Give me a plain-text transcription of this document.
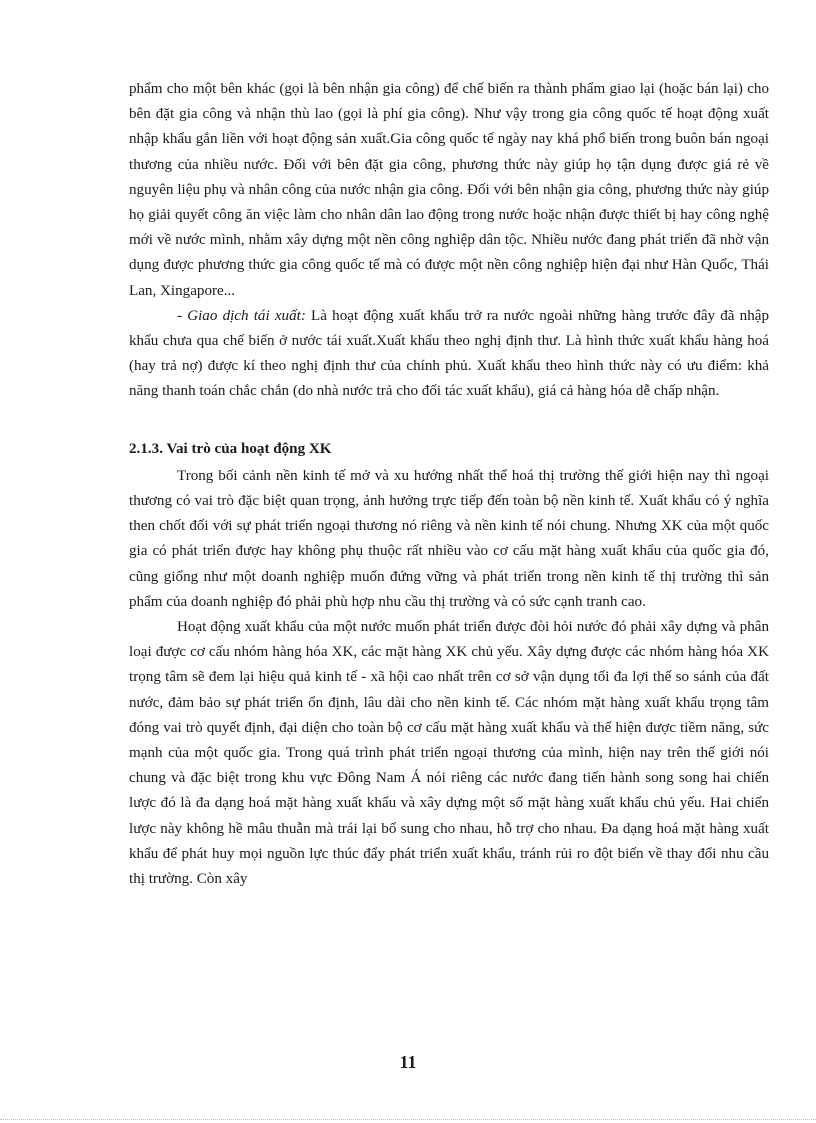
phẩm cho một bên khác (gọi là bên nhận gia công) để chế biến ra thành phẩm giao lại (hoặc bán lại) cho bên đặt gia công và nhận thù lao (gọi là phí gia công). Như vậy trong gia công quốc tế hoạt động xuất nhập khẩu gắn liền với hoạt động sản xuất.Gia công quốc tế ngày nay khá phổ biến trong buôn bán ngoại thương của nhiều nước. Đối với bên đặt gia công, phương thức này giúp họ tận dụng được giá rẻ về nguyên liệu phụ và nhân công của nước nhận gia công. Đối với bên nhận gia công, phương thức này giúp họ giải quyết công ăn việc làm cho nhân dân lao động trong nước hoặc nhận được thiết bị hay công nghệ mới về nước mình, nhằm xây dựng một nền công nghiệp dân tộc. Nhiều nước đang phát triển đã nhờ vận dụng được phương thức gia công quốc tế mà có được một nền công nghiệp hiện đại như Hàn Quốc, Thái Lan, Xingapore...

- Giao dịch tái xuất: Là hoạt động xuất khẩu trở ra nước ngoài những hàng trước đây đã nhập khẩu chưa qua chế biến ở nước tái xuất.Xuất khẩu theo nghị định thư. Là hình thức xuất khẩu hàng hoá (hay trả nợ) được kí theo nghị định thư của chính phủ. Xuất khẩu theo hình thức này có ưu điểm: khả năng thanh toán chắc chắn (do nhà nước trả cho đối tác xuất khẩu), giá cả hàng hóa dễ chấp nhận.

2.1.3. Vai trò của hoạt động XK

Trong bối cảnh nền kinh tế mở và xu hướng nhất thể hoá thị trường thế giới hiện nay thì ngoại thương có vai trò đặc biệt quan trọng, ảnh hưởng trực tiếp đến toàn bộ nền kinh tế. Xuất khẩu có ý nghĩa then chốt đối với sự phát triển ngoại thương nó riêng và nền kinh tế nói chung. Nhưng XK của một quốc gia có phát triển được hay không phụ thuộc rất nhiều vào cơ cấu mặt hàng xuất khẩu của quốc gia đó, cũng giống như một doanh nghiệp muốn đứng vững và phát triển trong nền kinh tế thị trường thì sản phẩm của doanh nghiệp đó phải phù hợp nhu cầu thị trường và có sức cạnh tranh cao.

Hoạt động xuất khẩu của một nước muốn phát triển được đòi hỏi nước đó phải xây dựng và phân loại được cơ cấu nhóm hàng hóa XK, các mặt hàng XK chủ yếu. Xây dựng được các nhóm hàng hóa XK trọng tâm sẽ đem lại hiệu quả kinh tế - xã hội cao nhất trên cơ sở vận dụng tối đa lợi thế so sánh của đất nước, đảm bảo sự phát triển ổn định, lâu dài cho nền kinh tế. Các nhóm mặt hàng xuất khẩu trọng tâm đóng vai trò quyết định, đại diện cho toàn bộ cơ cấu mặt hàng xuất khẩu và thể hiện được tiềm năng, sức mạnh của một quốc gia. Trong quá trình phát triển ngoại thương của mình, hiện nay trên thế giới nói chung và đặc biệt trong khu vực Đông Nam Á nói riêng các nước đang tiến hành song song hai chiến lược đó là đa dạng hoá mặt hàng xuất khẩu và xây dựng một số mặt hàng xuất khẩu chủ yếu. Hai chiến lược này không hề mâu thuẫn mà trái lại bổ sung cho nhau, hỗ trợ cho nhau. Đa dạng hoá mặt hàng xuất khẩu để phát huy mọi nguồn lực thúc đẩy phát triển xuất khẩu, tránh rủi ro đột biến về thay đổi nhu cầu thị trường. Còn xây

11
